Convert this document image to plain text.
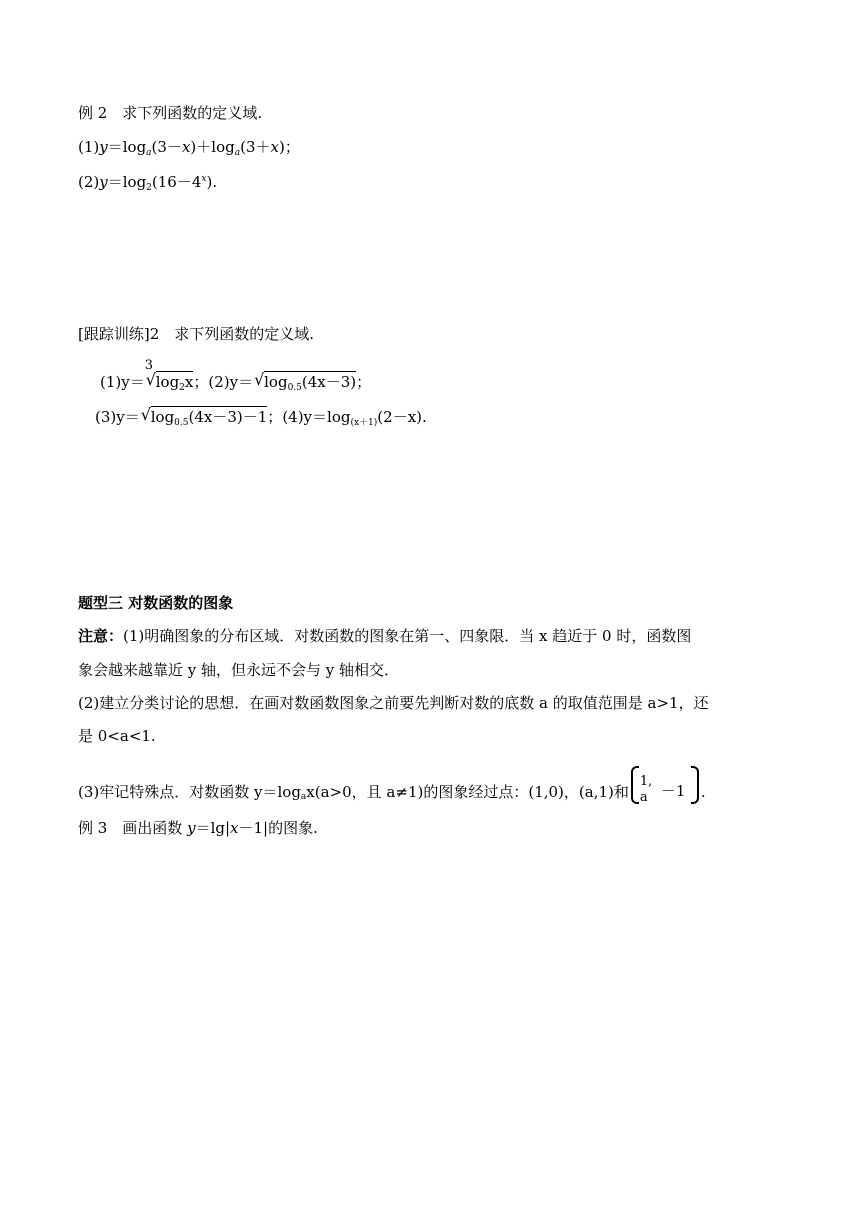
例 2　求下列函数的定义域.
$(1)y=\log_a(3-x)+\log_a(3+x)$；
$(2)y=\log_2(16-4^x)$.
[跟踪训练]2　求下列函数的定义域.
(1)y＝
√ 3
$\log_2x$；(2)y＝ √ $\log_{0.5}(4x-3)$；
(3)y＝ √ $\log_{0.5}(4x-3)-1$；$(4)y=\log_{(x+1)}(2-x)$.
题型三 对数函数的图象
注意：(1)明确图象的分布区域．对数函数的图象在第一、四象限．当 x 趋近于 0 时，函数图
象会越来越靠近 y 轴，但永远不会与 y 轴相交．
(2)建立分类讨论的思想．在画对数函数图象之前要先判断对数的底数 a 的取值范围是 a>1，还
是 0<a<1.
(3)牢记特殊点．对数函数 $y=\log_ax(a>0$，且 a≠1)的图象经过点：(1,0)，(a,1)和
1,
a －1 .
例 3　画出函数 y＝lg|x－1|的图象.
